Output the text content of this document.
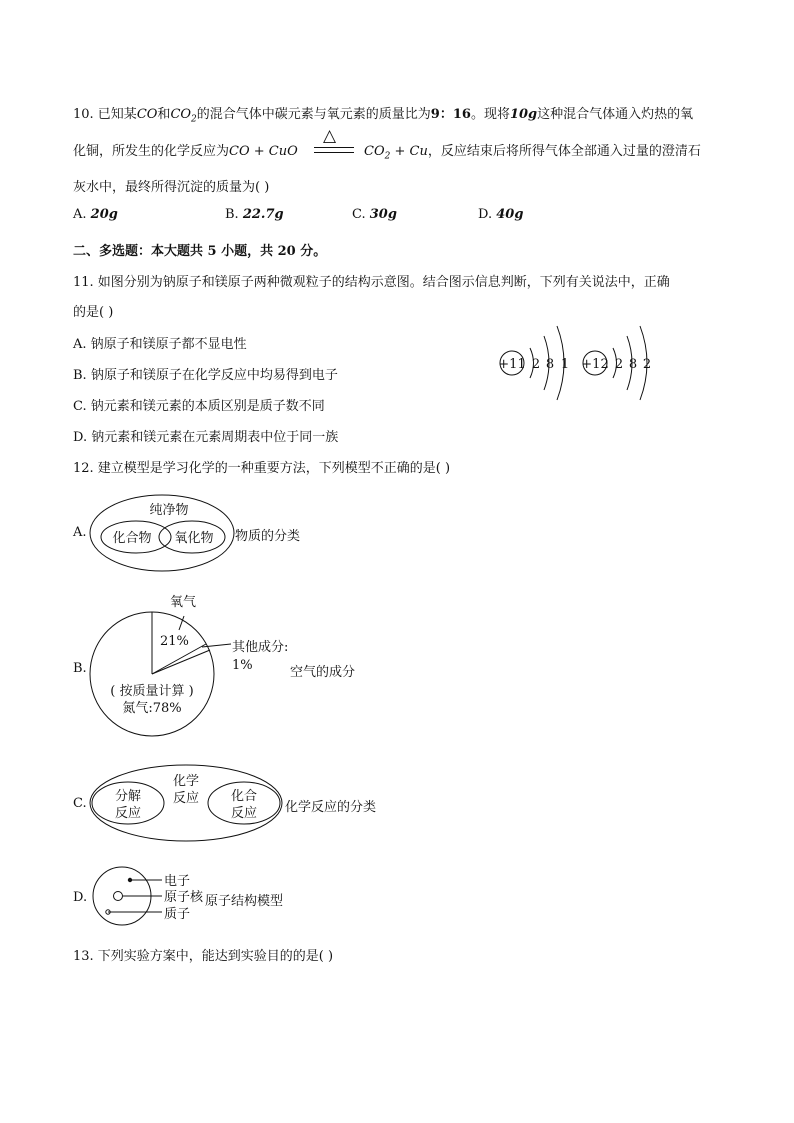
10. 已知某CO和$CO_2$的混合气体中碳元素与氧元素的质量比为9：16。现将10g这种混合气体通入灼热的氧
化铜，所发生的化学反应为CO + CuO
△
$CO_2 + Cu$，反应结束后将所得气体全部通入过量的澄清石
灰水中，最终所得沉淀的质量为( )
A. 20g	B. 22.7g	C. 30g	D. 40g
二、多选题：本大题共 5 小题，共 20 分。
11. 如图分别为钠原子和镁原子两种微观粒子的结构示意图。结合图示信息判断，下列有关说法中，正确
的是( )
A. 钠原子和镁原子都不显电性
B. 钠原子和镁原子在化学反应中均易得到电子
C. 钠元素和镁元素的本质区别是质子数不同
D. 钠元素和镁元素在元素周期表中位于同一族
+11 2 8 1 +12 2 8 2
12. 建立模型是学习化学的一种重要方法，下列模型不正确的是( )
A.
纯净物
化合物 氧化物 物质的分类
B.
氧气
21%	其他成分:
1%
( 按质量计算 )
氮气:78%
空气的成分
C. 分解
反应
化学
反应 化合
反应 化学反应的分类
D.
电子
原子核
质子
原子结构模型
13. 下列实验方案中，能达到实验目的的是( )
